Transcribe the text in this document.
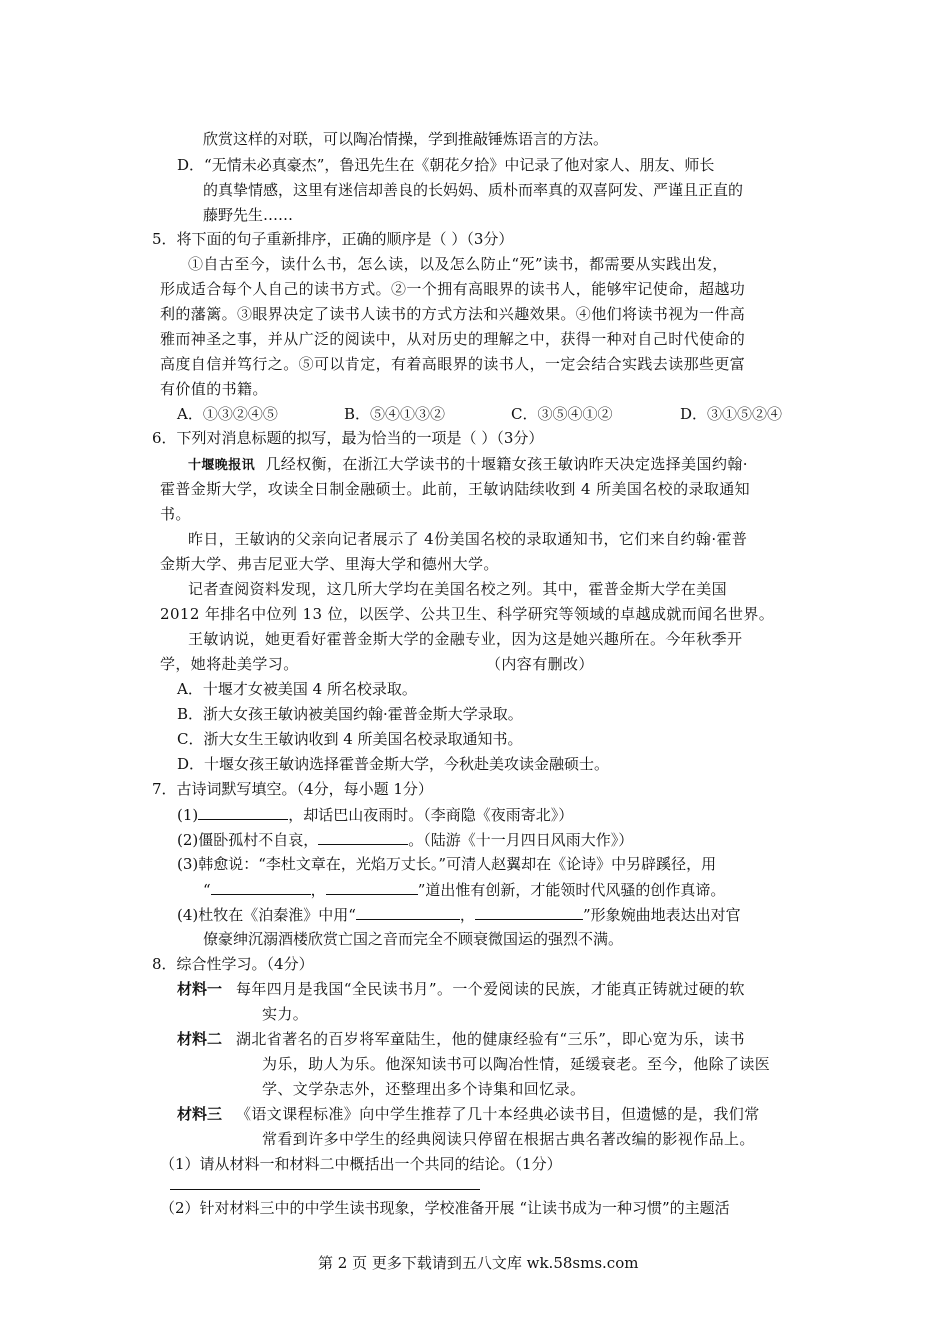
欣赏这样的对联，可以陶冶情操，学到推敲锤炼语言的方法。
D．“无情未必真豪杰”，鲁迅先生在《朝花夕拾》中记录了他对家人、朋友、师长
的真挚情感，这里有迷信却善良的长妈妈、质朴而率真的双喜阿发、严谨且正直的
藤野先生……
5．将下面的句子重新排序，正确的顺序是（ ）（3分）
①自古至今，读什么书，怎么读，以及怎么防止“死”读书，都需要从实践出发，
形成适合每个人自己的读书方式。②一个拥有高眼界的读书人，能够牢记使命，超越功
利的藩篱。③眼界决定了读书人读书的方式方法和兴趣效果。④他们将读书视为一件高
雅而神圣之事，并从广泛的阅读中，从对历史的理解之中，获得一种对自己时代使命的
高度自信并笃行之。⑤可以肯定，有着高眼界的读书人，一定会结合实践去读那些更富
有价值的书籍。
A．①③②④⑤	B．⑤④①③②	C．③⑤④①②	D．③①⑤②④
6．下列对消息标题的拟写，最为恰当的一项是（ ）（3分）
十堰晚报讯 几经权衡，在浙江大学读书的十堰籍女孩王敏讷昨天决定选择美国约翰·
霍普金斯大学，攻读全日制金融硕士。此前，王敏讷陆续收到 4 所美国名校的录取通知
书。
昨日，王敏讷的父亲向记者展示了 4份美国名校的录取通知书，它们来自约翰·霍普
金斯大学、弗吉尼亚大学、里海大学和德州大学。
记者查阅资料发现，这几所大学均在美国名校之列。其中，霍普金斯大学在美国
2012 年排名中位列 13 位，以医学、公共卫生、科学研究等领域的卓越成就而闻名世界。
王敏讷说，她更看好霍普金斯大学的金融专业，因为这是她兴趣所在。今年秋季开
学，她将赴美学习。	（内容有删改）
A．十堰才女被美国 4 所名校录取。
B．浙大女孩王敏讷被美国约翰·霍普金斯大学录取。
C．浙大女生王敏讷收到 4 所美国名校录取通知书。
D．十堰女孩王敏讷选择霍普金斯大学，今秋赴美攻读金融硕士。
7．古诗词默写填空。（4分，每小题 1分）
(1)	，却话巴山夜雨时。（李商隐《夜雨寄北》）
(2)僵卧孤村不自哀，	。（陆游《十一月四日风雨大作》）
(3)韩愈说：“李杜文章在，光焰万丈长。”可清人赵翼却在《论诗》中另辟蹊径，用
“	，	”道出惟有创新，才能领时代风骚的创作真谛。
(4)杜牧在《泊秦淮》中用“	，	”形象婉曲地表达出对官
僚豪绅沉溺酒楼欣赏亡国之音而完全不顾衰微国运的强烈不满。
8．综合性学习。（4分）
材料一 每年四月是我国“全民读书月”。一个爱阅读的民族，才能真正铸就过硬的软
实力。
材料二 湖北省著名的百岁将军童陆生，他的健康经验有“三乐”，即心宽为乐，读书
为乐，助人为乐。他深知读书可以陶冶性情，延缓衰老。至今，他除了读医
学、文学杂志外，还整理出多个诗集和回忆录。
材料三 《语文课程标准》向中学生推荐了几十本经典必读书目，但遗憾的是，我们常
常看到许多中学生的经典阅读只停留在根据古典名著改编的影视作品上。
（1）请从材料一和材料二中概括出一个共同的结论。（1分）
（2）针对材料三中的中学生读书现象，学校准备开展 “让读书成为一种习惯”的主题活
第 2 页 更多下载请到五八文库 wk.58sms.com
